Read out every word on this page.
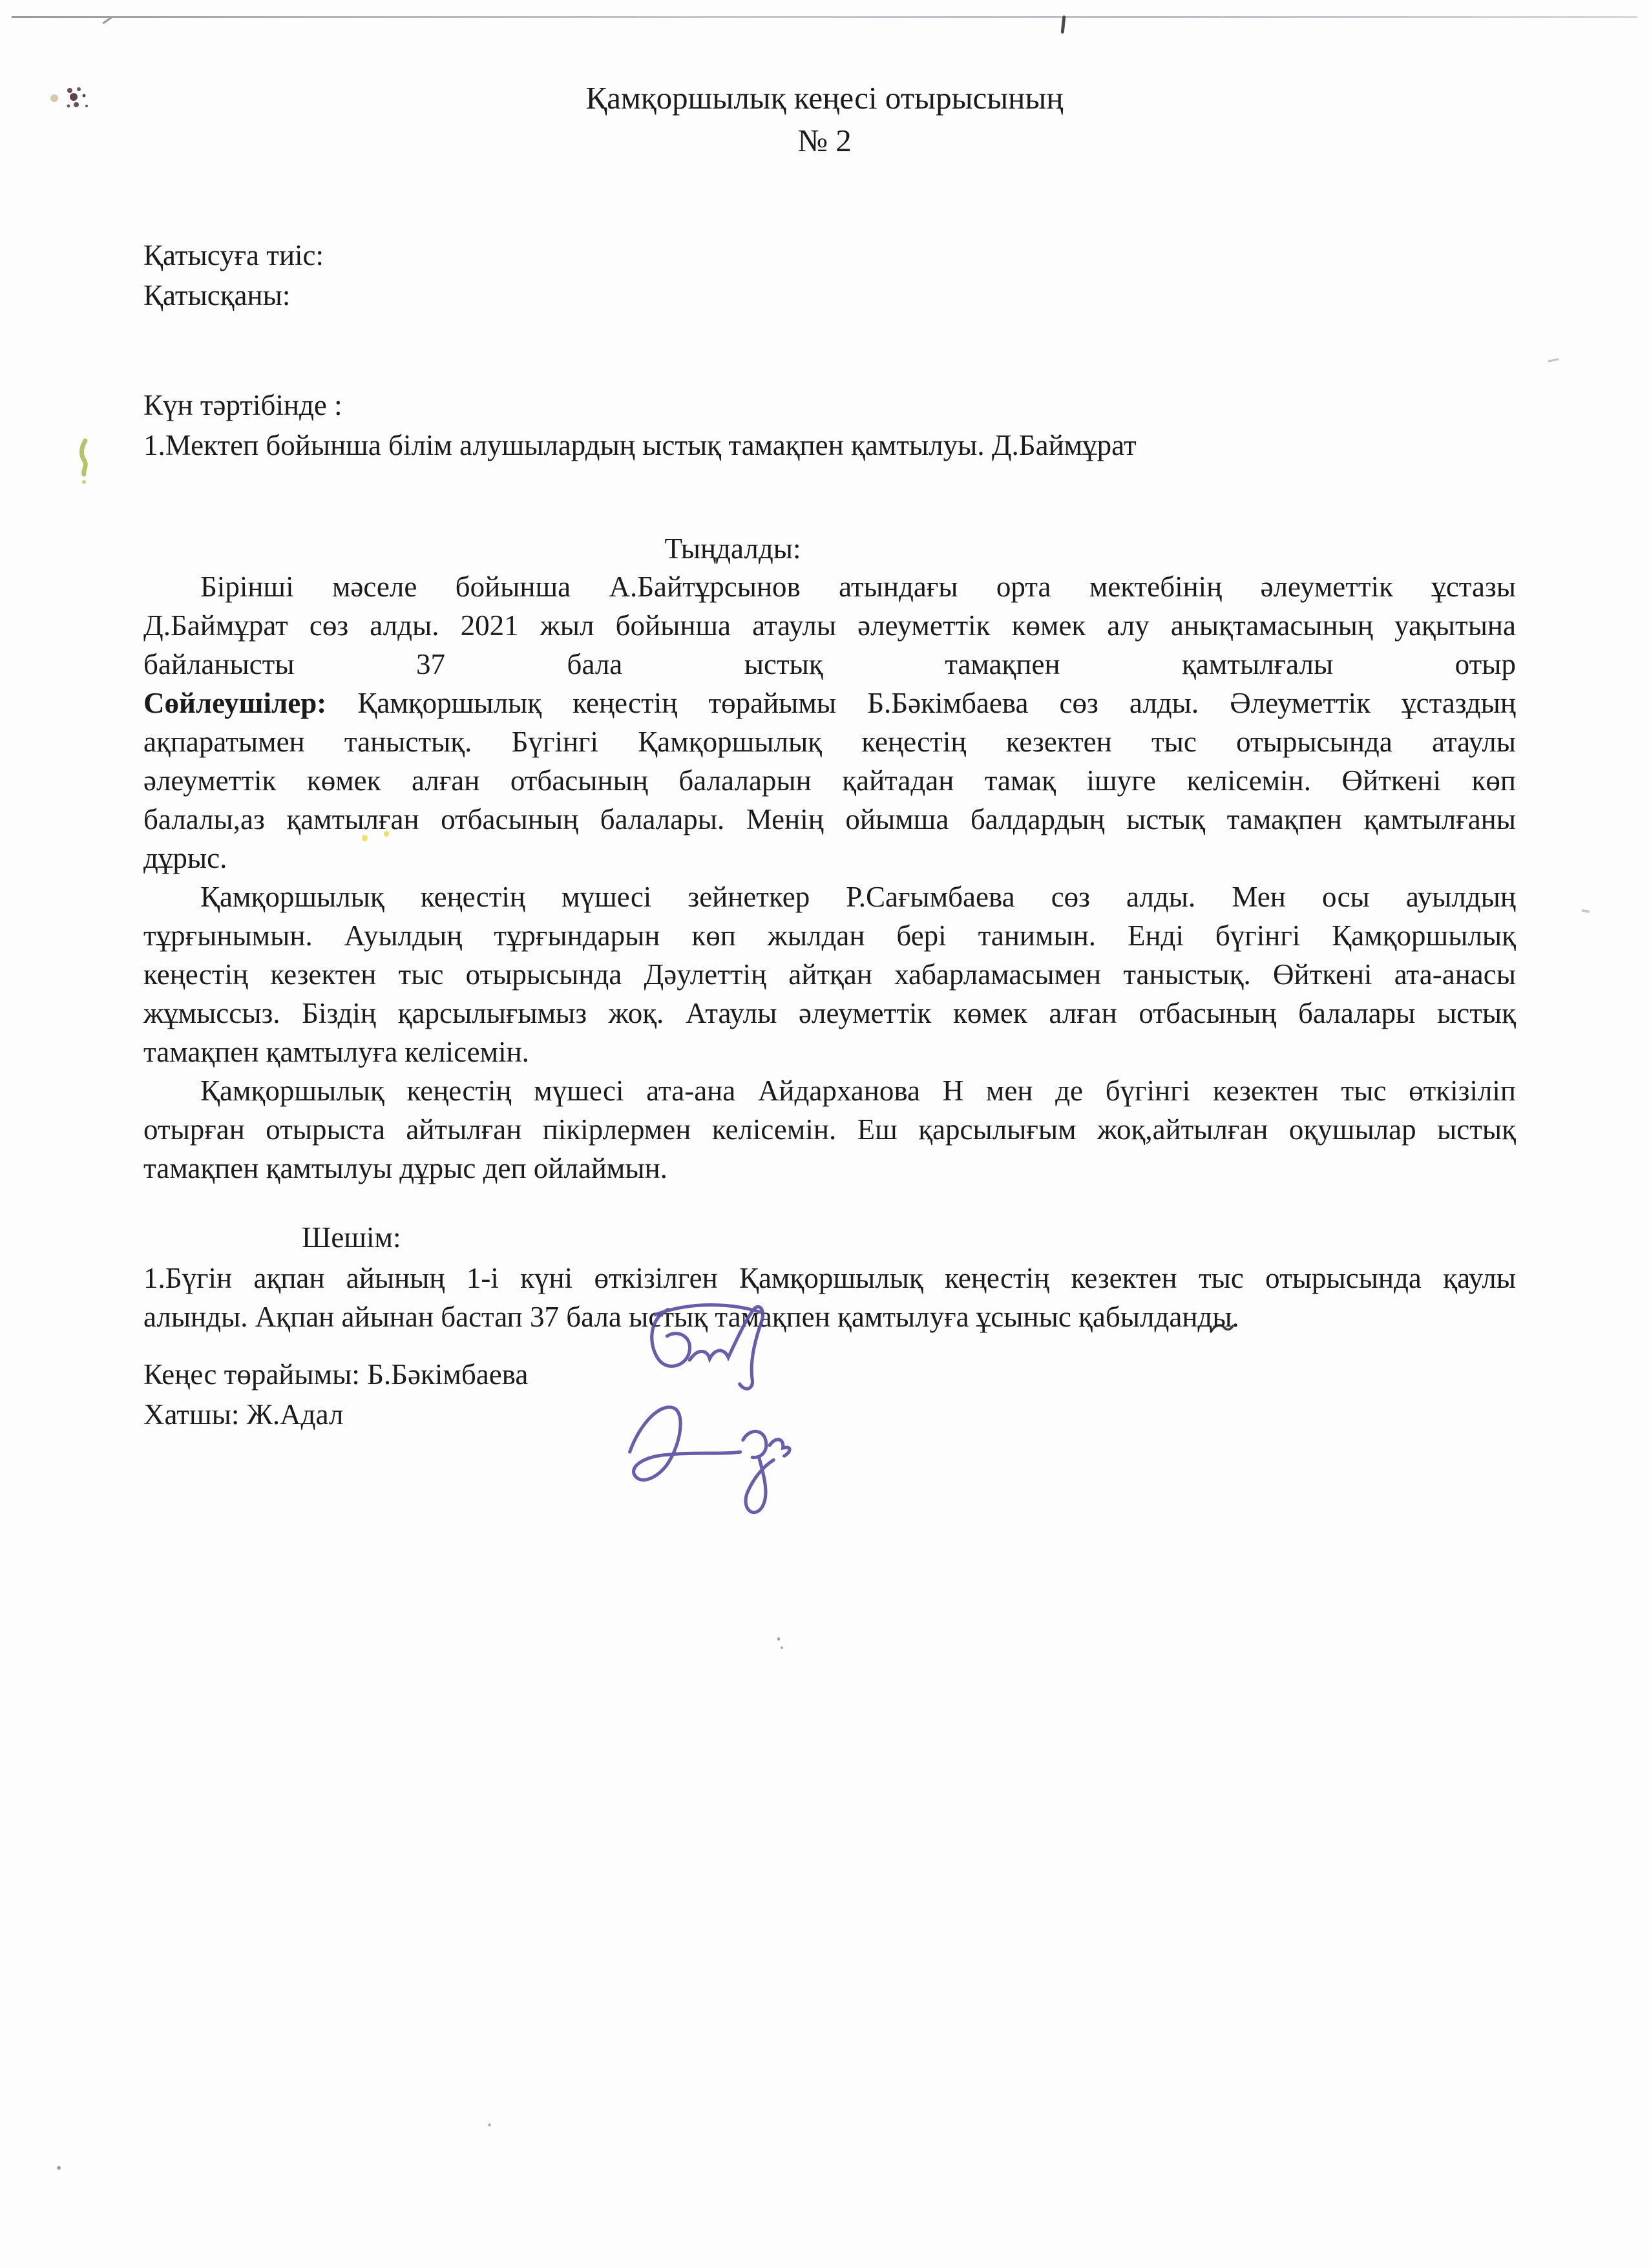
Қамқоршылық кеңесі отырысының
№ 2
Қатысуға тиіс:
Қатысқаны:
Күн тәртібінде :
1.Мектеп бойынша білім алушылардың ыстық тамақпен қамтылуы. Д.Баймұрат
Тыңдалды:
Бірінші мәселе бойынша А.Байтұрсынов атындағы орта мектебінің әлеуметтік ұстазы
Д.Баймұрат сөз алды. 2021 жыл бойынша атаулы әлеуметтік көмек алу анықтамасының уақытына
байланысты 37 бала ыстық тамақпен қамтылғалы отыр
Сөйлеушілер: Қамқоршылық кеңестің төрайымы Б.Бәкімбаева сөз алды. Әлеуметтік ұстаздың
ақпаратымен таныстық. Бүгінгі Қамқоршылық кеңестің кезектен тыс отырысында атаулы
әлеуметтік көмек алған отбасының балаларын қайтадан тамақ ішуге келісемін. Өйткені көп
балалы,аз қамтылған отбасының балалары. Менің ойымша балдардың ыстық тамақпен қамтылғаны
дұрыс.
Қамқоршылық кеңестің мүшесі зейнеткер Р.Сағымбаева сөз алды. Мен осы ауылдың
тұрғынымын. Ауылдың тұрғындарын көп жылдан бері танимын. Енді бүгінгі Қамқоршылық
кеңестің кезектен тыс отырысында Дәулеттің айтқан хабарламасымен таныстық. Өйткені ата-анасы
жұмыссыз. Біздің қарсылығымыз жоқ. Атаулы әлеуметтік көмек алған отбасының балалары ыстық
тамақпен қамтылуға келісемін.
Қамқоршылық кеңестің мүшесі ата-ана Айдарханова Н мен де бүгінгі кезектен тыс өткізіліп
отырған отырыста айтылған пікірлермен келісемін. Еш қарсылығым жоқ,айтылған оқушылар ыстық
тамақпен қамтылуы дұрыс деп ойлаймын.
Шешім:
1.Бүгін ақпан айының 1-і күні өткізілген Қамқоршылық кеңестің кезектен тыс отырысында қаулы
алынды. Ақпан айынан бастап 37 бала ыстық тамақпен қамтылуға ұсыныс қабылданды.
Кеңес төрайымы: Б.Бәкімбаева
Хатшы: Ж.Адал
